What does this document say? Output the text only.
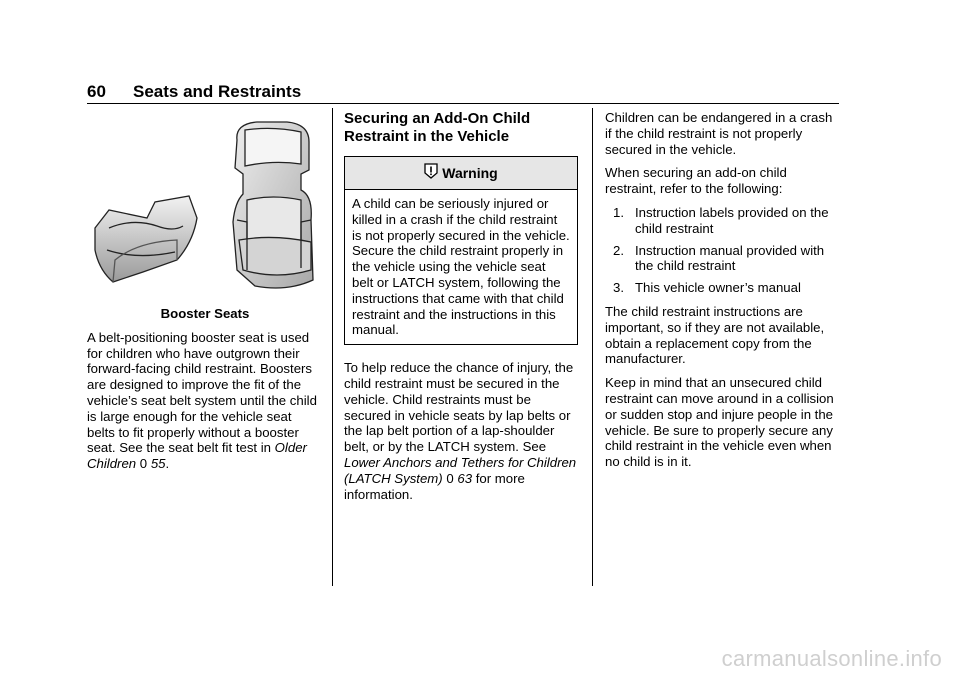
60 Seats and Restraints
Booster Seats

A belt-positioning booster seat is used for children who have outgrown their forward-facing child restraint. Boosters are designed to improve the fit of the vehicle’s seat belt system until the child is large enough for the vehicle seat belts to fit properly without a booster seat. See the seat belt fit test in Older Children 0 55.

Securing an Add-On Child Restraint in the Vehicle
Warning
A child can be seriously injured or killed in a crash if the child restraint is not properly secured in the vehicle. Secure the child restraint properly in the vehicle using the vehicle seat belt or LATCH system, following the instructions that came with that child restraint and the instructions in this manual.

To help reduce the chance of injury, the child restraint must be secured in the vehicle. Child restraints must be secured in vehicle seats by lap belts or the lap belt portion of a lap-shoulder belt, or by the LATCH system. See Lower Anchors and Tethers for Children (LATCH System) 0 63 for more information.

Children can be endangered in a crash if the child restraint is not properly secured in the vehicle.

When securing an add-on child restraint, refer to the following:

1. Instruction labels provided on the child restraint
2. Instruction manual provided with the child restraint
3. This vehicle owner’s manual

The child restraint instructions are important, so if they are not available, obtain a replacement copy from the manufacturer.

Keep in mind that an unsecured child restraint can move around in a collision or sudden stop and injure people in the vehicle. Be sure to properly secure any child restraint in the vehicle even when no child is in it.

carmanualsonline.info
